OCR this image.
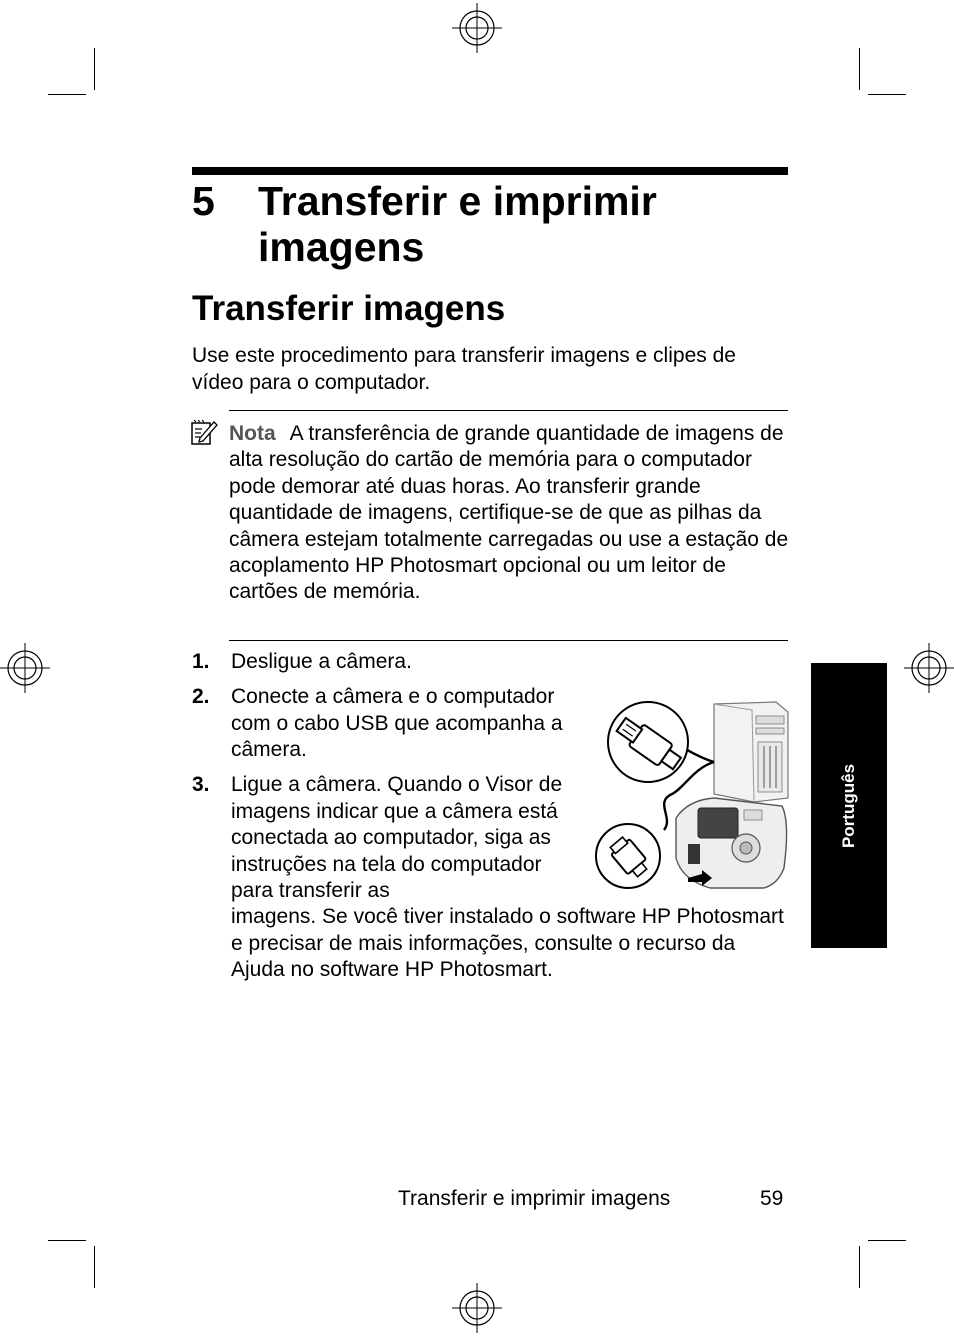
5 Transferir e imprimir imagens
Transferir imagens
Use este procedimento para transferir imagens e clipes de vídeo para o computador.
Nota A transferência de grande quantidade de imagens de alta resolução do cartão de memória para o computador pode demorar até duas horas. Ao transferir grande quantidade de imagens, certifique-se de que as pilhas da câmera estejam totalmente carregadas ou use a estação de acoplamento HP Photosmart opcional ou um leitor de cartões de memória.
1. Desligue a câmera.
2. Conecte a câmera e o computador com o cabo USB que acompanha a câmera.
3. Ligue a câmera. Quando o Visor de imagens indicar que a câmera está conectada ao computador, siga as instruções na tela do computador para transferir as
imagens. Se você tiver instalado o software HP Photosmart e precisar de mais informações, consulte o recurso da Ajuda no software HP Photosmart.
Português
Transferir e imprimir imagens	59
